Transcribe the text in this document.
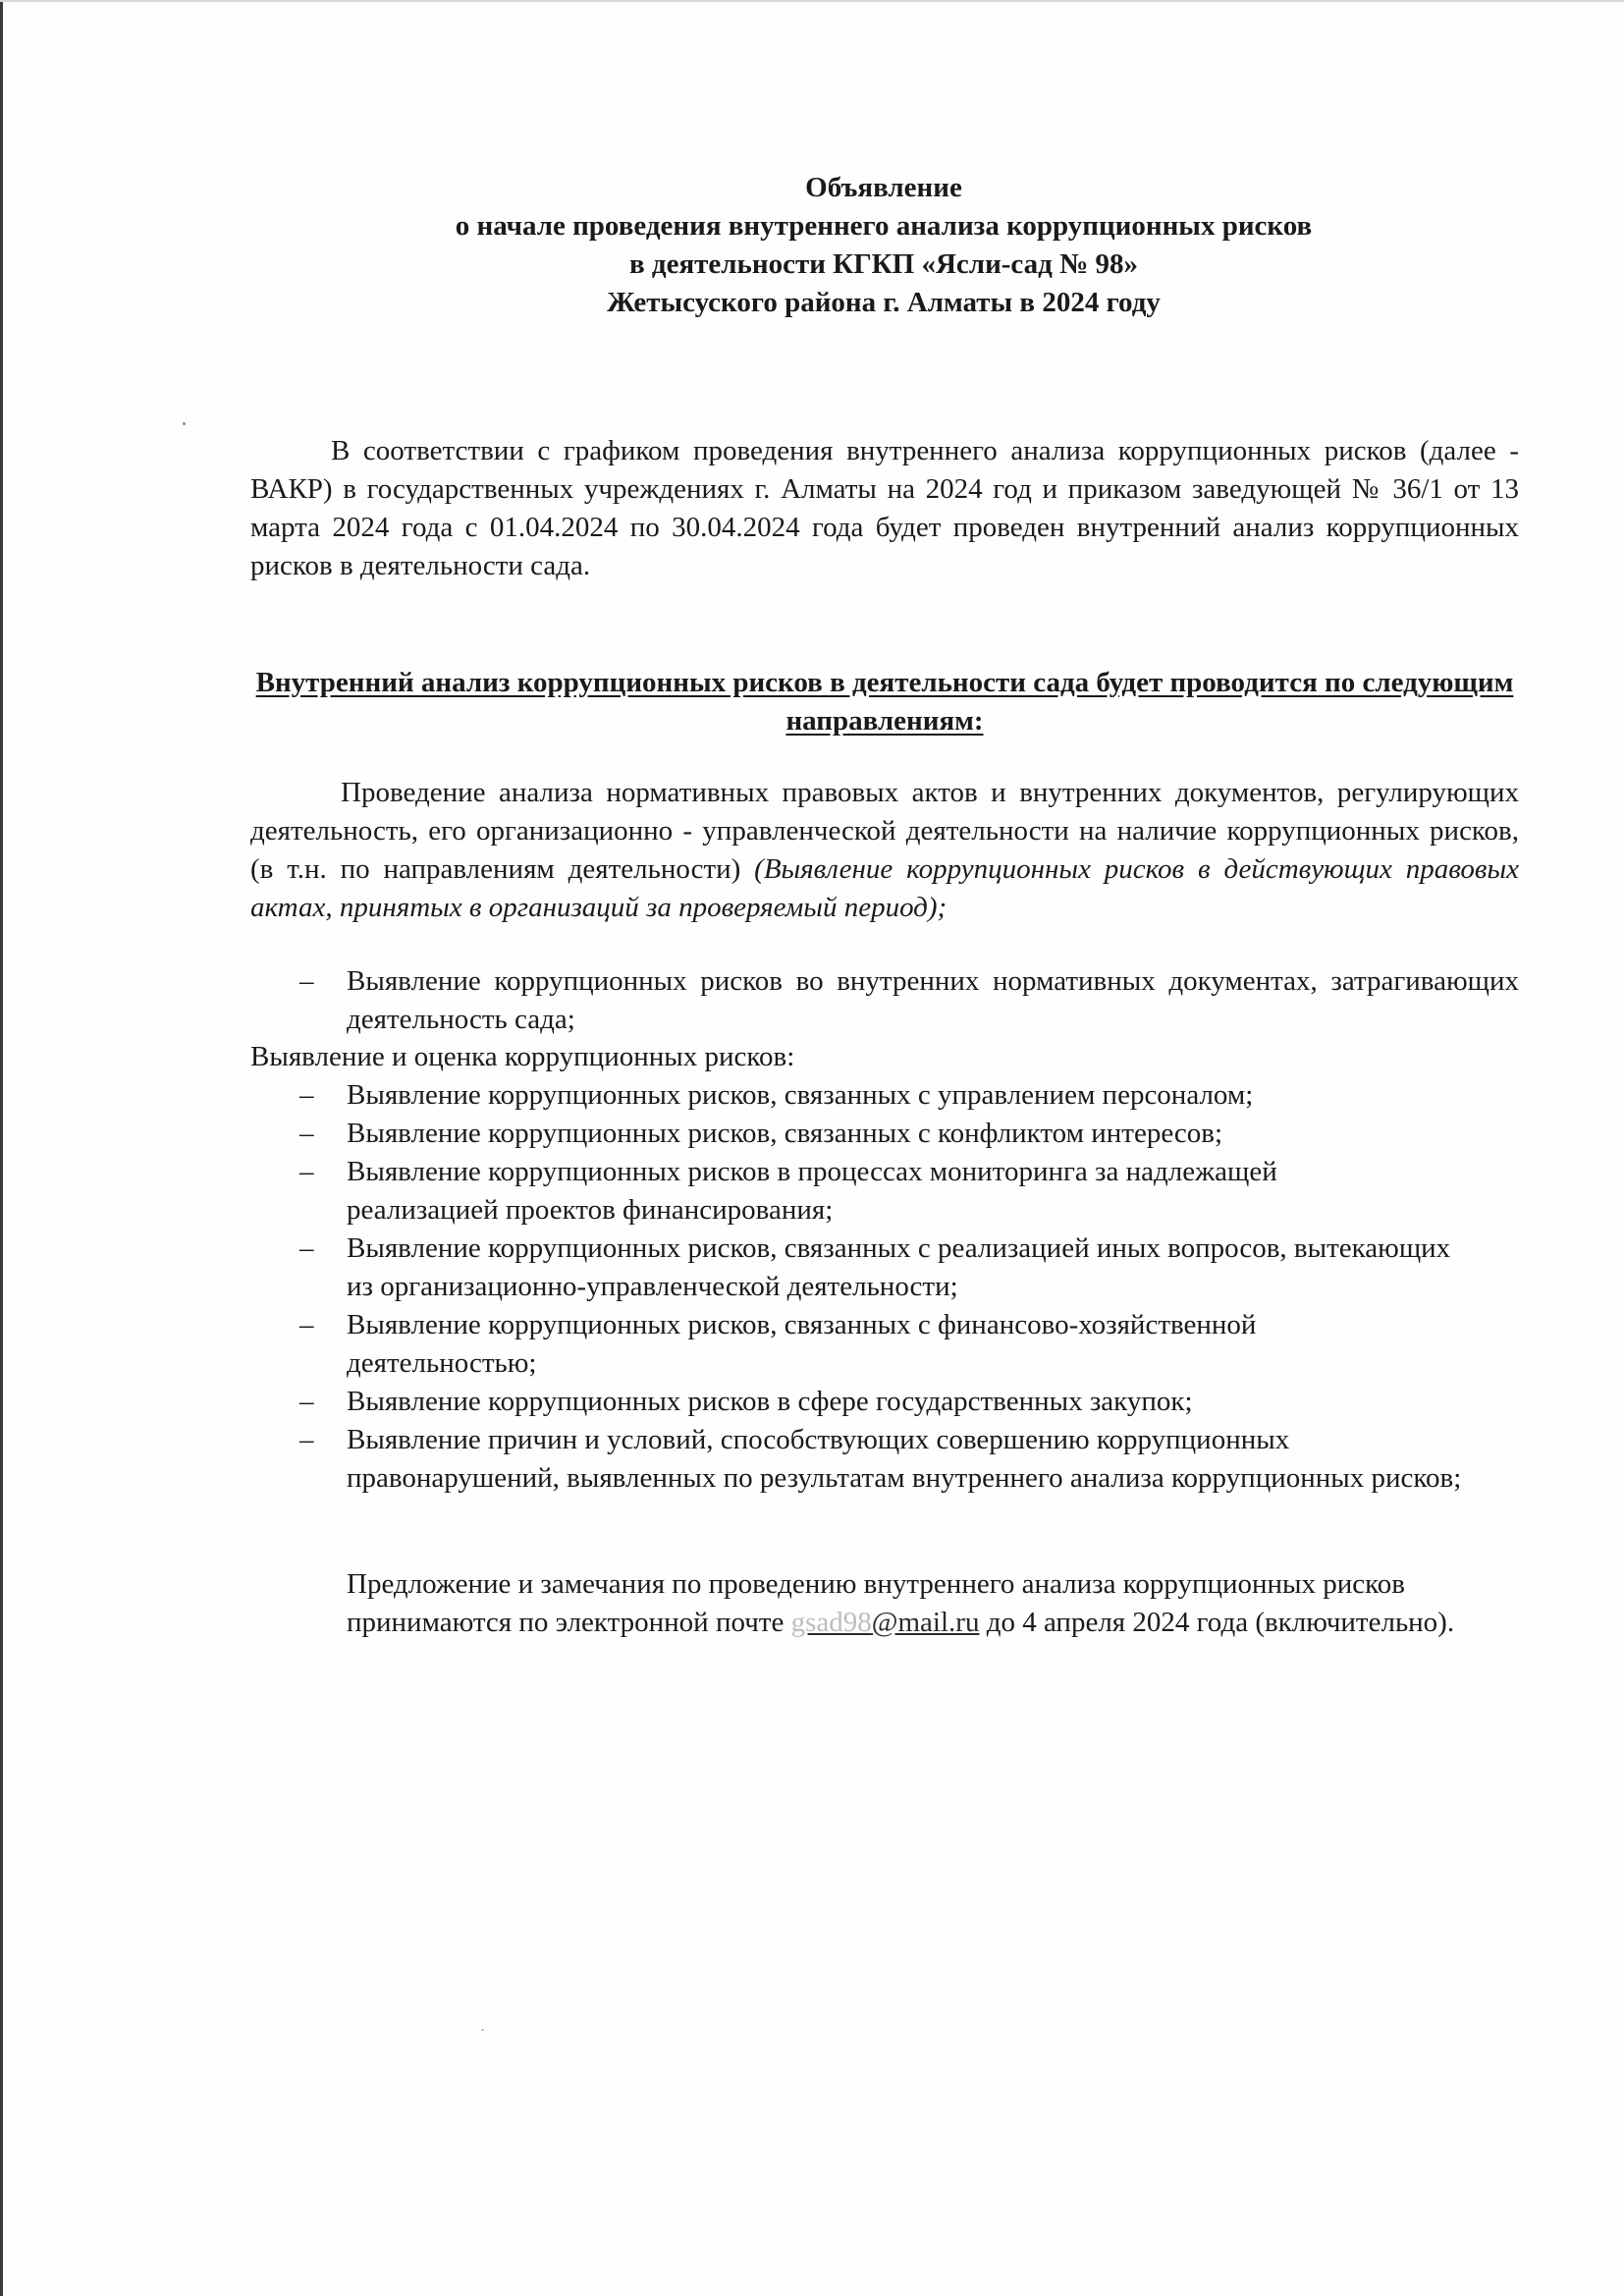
Объявление
о начале проведения внутреннего анализа коррупционных рисков
в деятельности КГКП «Ясли-сад № 98»
Жетысуского района г. Алматы в 2024 году
В соответствии с графиком проведения внутреннего анализа коррупционных рисков (далее - ВАКР) в государственных учреждениях г. Алматы на 2024 год и приказом заведующей № 36/1 от 13 марта 2024 года с 01.04.2024 по 30.04.2024 года будет проведен внутренний анализ коррупционных рисков в деятельности сада.
Внутренний анализ коррупционных рисков в деятельности сада будет проводится по следующим направлениям:
Проведение анализа нормативных правовых актов и внутренних документов, регулирующих деятельность, его организационно - управленческой деятельности на наличие коррупционных рисков, (в т.н. по направлениям деятельности) (Выявление коррупционных рисков в действующих правовых актах, принятых в организаций за проверяемый период);
– Выявление коррупционных рисков во внутренних нормативных документах, затрагивающих деятельность сада;
Выявление и оценка коррупционных рисков:
– Выявление коррупционных рисков, связанных с управлением персоналом;
– Выявление коррупционных рисков, связанных с конфликтом интересов;
– Выявление коррупционных рисков в процессах мониторинга за надлежащей реализацией проектов финансирования;
– Выявление коррупционных рисков, связанных с реализацией иных вопросов, вытекающих из организационно-управленческой деятельности;
– Выявление коррупционных рисков, связанных с финансово-хозяйственной деятельностью;
– Выявление коррупционных рисков в сфере государственных закупок;
– Выявление причин и условий, способствующих совершению коррупционных правонарушений, выявленных по результатам внутреннего анализа коррупционных рисков;
Предложение и замечания по проведению внутреннего анализа коррупционных рисков принимаются по электронной почте gsad98@mail.ru до 4 апреля 2024 года (включительно).
